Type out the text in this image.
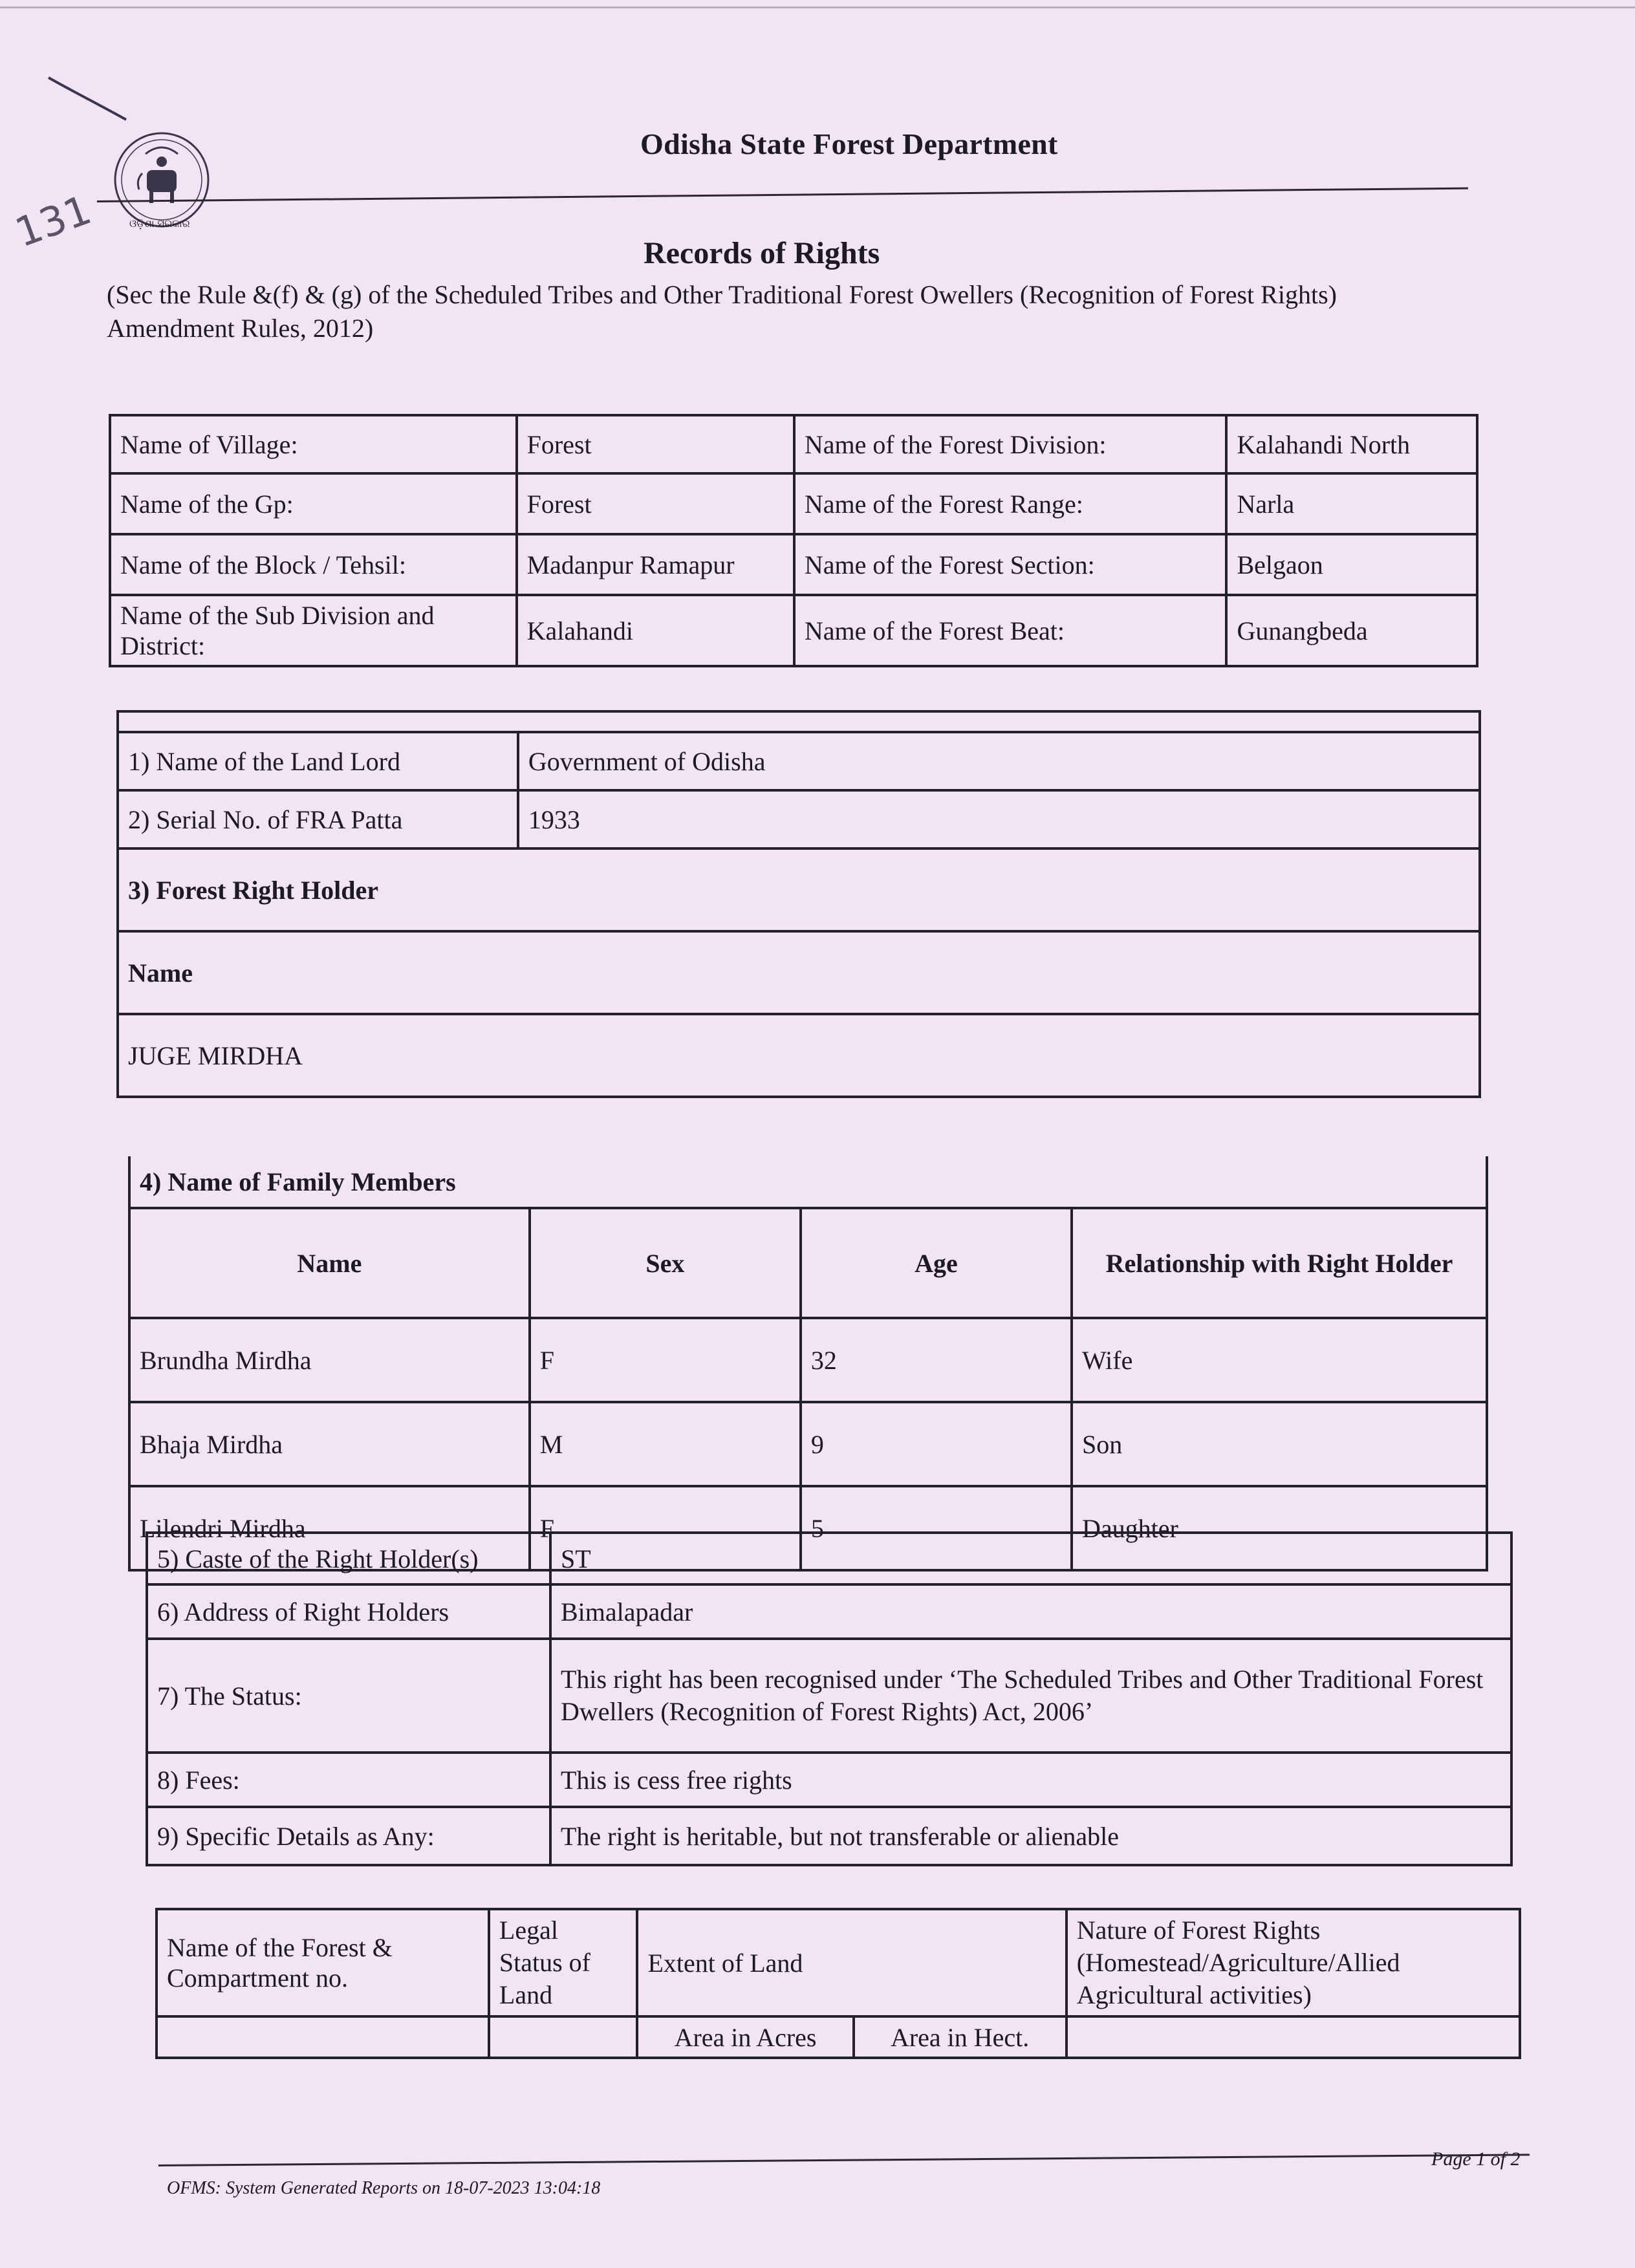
131	ଓଡ଼ିଶା ସରକାର
Odisha State Forest Department
Records of Rights
(Sec the Rule &(f) & (g) of the Scheduled Tribes and Other Traditional Forest Owellers (Recognition of Forest Rights) Amendment Rules, 2012)
Name of Village:	Forest	Name of the Forest Division:	Kalahandi North
Name of the Gp:	Forest	Name of the Forest Range:	Narla
Name of the Block / Tehsil:	Madanpur Ramapur	Name of the Forest Section:	Belgaon
Name of the Sub Division and District:	Kalahandi	Name of the Forest Beat:	Gunangbeda

1) Name of the Land Lord	Government of Odisha
2) Serial No. of FRA Patta	1933
3) Forest Right Holder	
Name	
JUGE MIRDHA	
4) Name of Family Members			
Name	Sex	Age	Relationship with Right Holder
Brundha Mirdha	F	32	Wife
Bhaja Mirdha	M	9	Son
Lilendri Mirdha	F	5	Daughter
5) Caste of the Right Holder(s)	ST
6) Address of Right Holders	Bimalapadar
7) The Status:	This right has been recognised under ‘The Scheduled Tribes and Other Traditional Forest Dwellers (Recognition of Forest Rights) Act, 2006’
8) Fees:	This is cess free rights
9) Specific Details as Any:	The right is heritable, but not transferable or alienable
Name of the Forest & Compartment no.	Legal Status of Land	Extent of Land		Nature of Forest Rights (Homestead/Agriculture/Allied Agricultural activities)
		Area in Acres	Area in Hect.	
OFMS: System Generated Reports on 18-07-2023 13:04:18
Page 1 of 2
